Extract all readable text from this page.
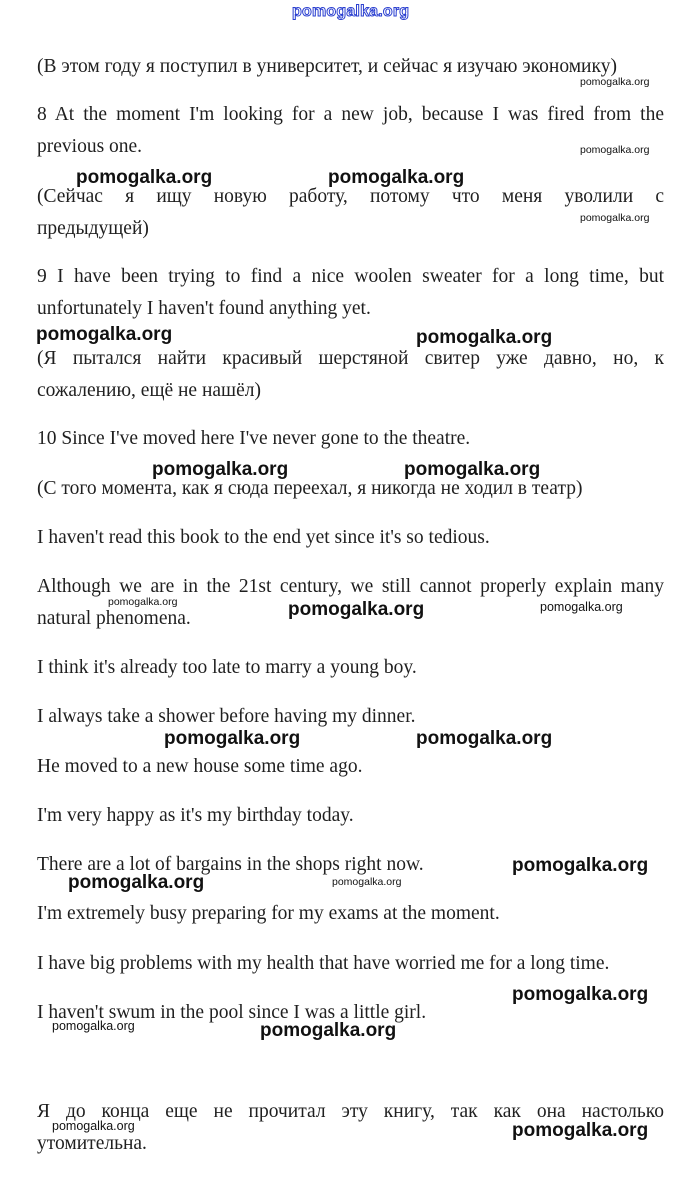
pomogalka.org
(В этом году я поступил в университет, и сейчас я изучаю экономику)
8 At the moment I'm looking for a new job, because I was fired from the
previous one.
(Сейчас я ищу новую работу, потому что меня уволили с
предыдущей)
9 I have been trying to find a nice woolen sweater for a long time, but
unfortunately I haven't found anything yet.
(Я пытался найти красивый шерстяной свитер уже давно, но, к
сожалению, ещё не нашёл)
10 Since I've moved here I've never gone to the theatre.
(С того момента, как я сюда переехал, я никогда не ходил в театр)
I haven't read this book to the end yet since it's so tedious.
Although we are in the 21st century, we still cannot properly explain many
natural phenomena.
I think it's already too late to marry a young boy.
I always take a shower before having my dinner.
He moved to a new house some time ago.
I'm very happy as it's my birthday today.
There are a lot of bargains in the shops right now.
I'm extremely busy preparing for my exams at the moment.
I have big problems with my health that have worried me for a long time.
I haven't swum in the pool since I was a little girl.
Я до конца еще не прочитал эту книгу, так как она настолько
утомительна.
pomogalka.org
pomogalka.org
pomogalka.org
pomogalka.org	pomogalka.org
pomogalka.org
pomogalka.org
pomogalka.org
pomogalka.org	pomogalka.org
pomogalka.org	pomogalka.org
pomogalka.org	pomogalka.org
pomogalka.org
pomogalka.org	pomogalka.org
pomogalka.org
pomogalka.org
pomogalka.org
pomogalka.org
pomogalka.org
